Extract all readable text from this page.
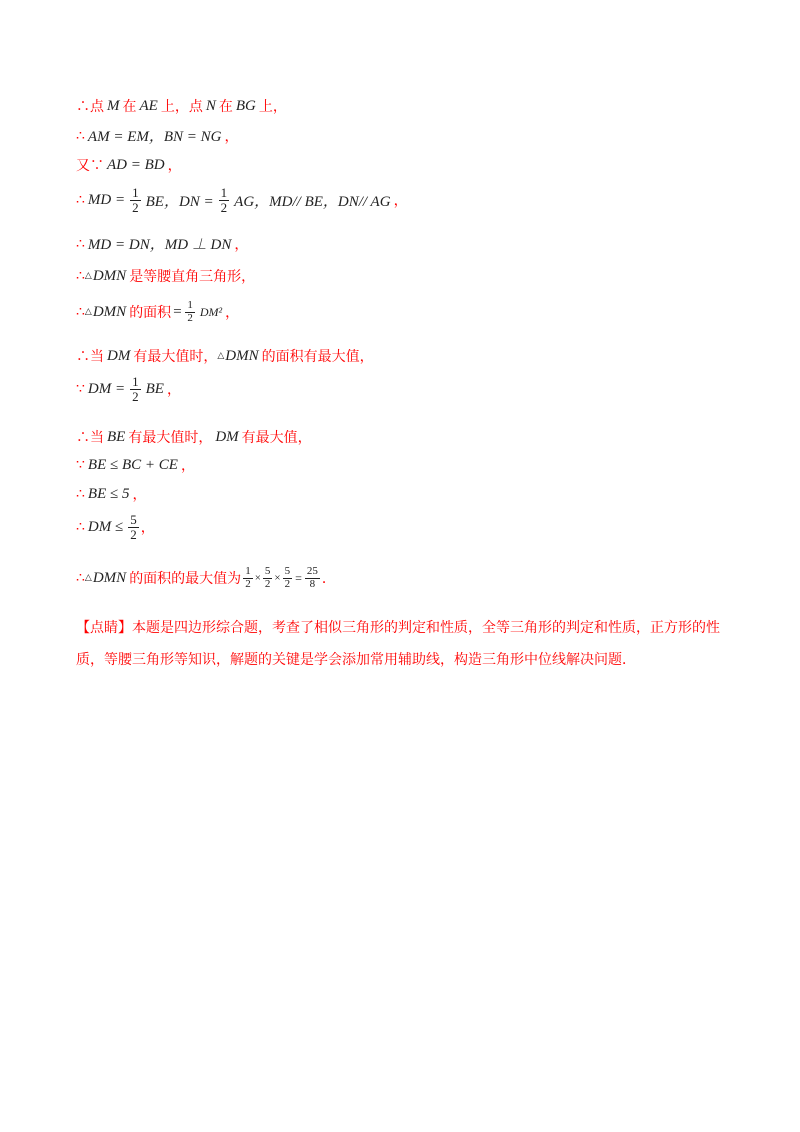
∴点 M 在 AE 上，点 N 在 BG 上，
∴ AM = EM，BN = NG ，
又∵ AD = BD ，
∴ MD = $\frac{1}{2}$ BE，DN = $\frac{1}{2}$ AG，MD// BE，DN// AG ，
∴ MD = DN，MD ⊥ DN ，
∴ △ DMN 是等腰直角三角形，
∴ △ DMN 的面积 = $\frac{1}{2} DM^2$ ，
∴当 DM 有最大值时， △ DMN 的面积有最大值，
∵ DM = $\frac{1}{2}$ BE ，
∴当 BE 有最大值时， DM 有最大值，
∵ BE ≤ BC + CE ，
∴ BE ≤ 5 ，
∴ DM ≤ $\frac{5}{2}$ ，
∴ △ DMN 的面积的最大值为 $\frac{1}{2} \times \frac{5}{2} \times \frac{5}{2} = \frac{25}{8}$ ．
【点睛】本题是四边形综合题，考查了相似三角形的判定和性质，全等三角形的判定和性质，正方形的性质，等腰三角形等知识，解题的关键是学会添加常用辅助线，构造三角形中位线解决问题．
